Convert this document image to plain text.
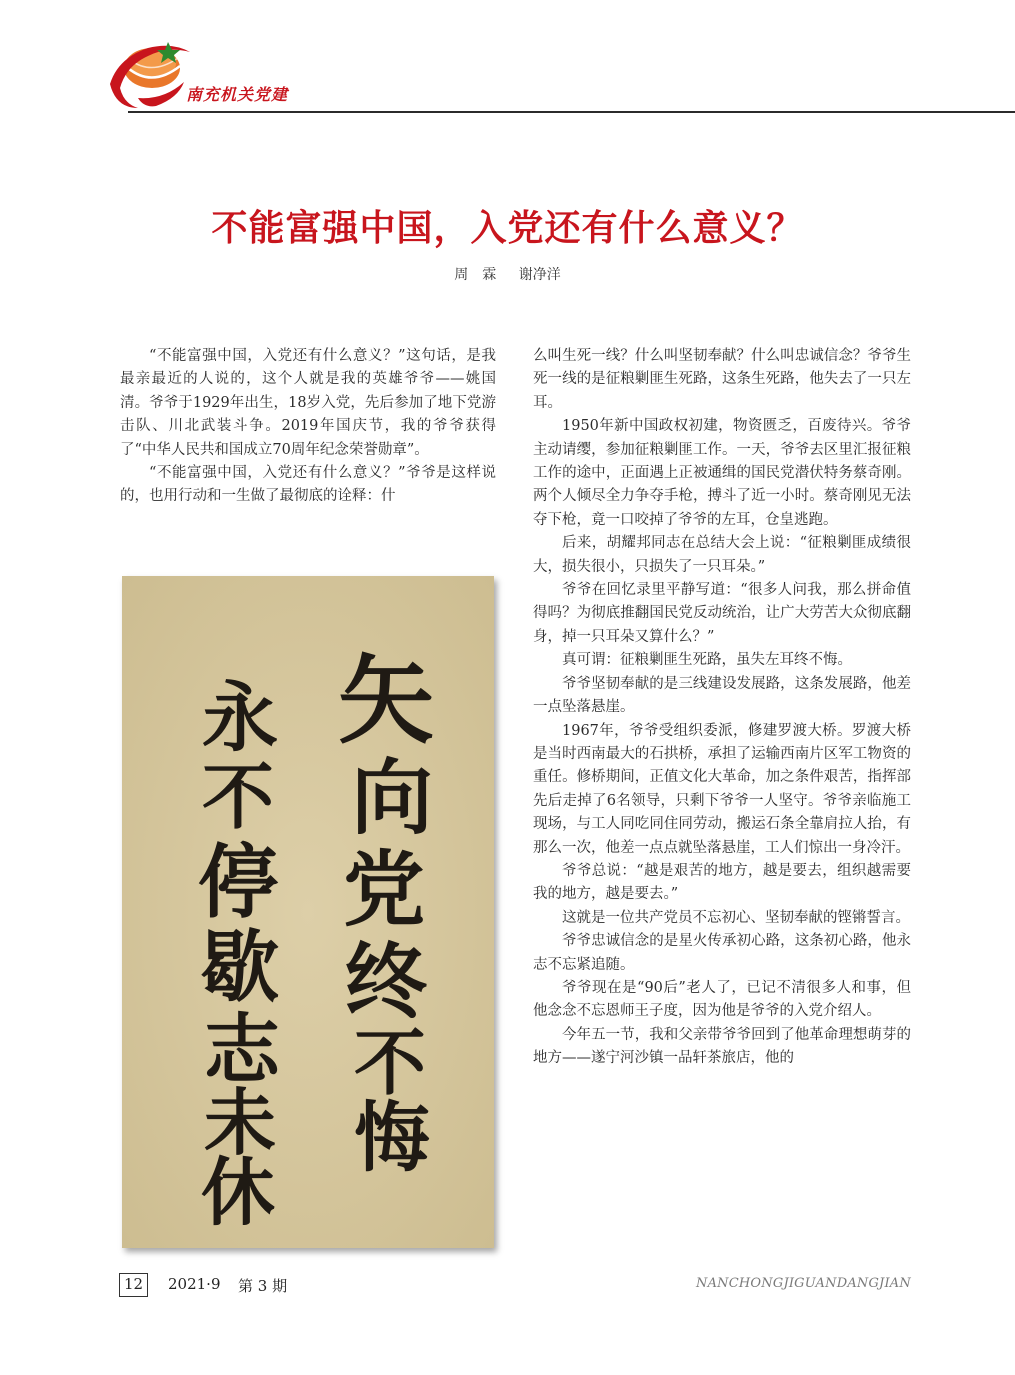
南充机关党建
不能富强中国，入党还有什么意义？
周　霖 谢净洋

“不能富强中国，入党还有什么意义？”这句话，是我最亲最近的人说的，这个人就是我的英雄爷爷——姚国清。爷爷于1929年出生，18岁入党，先后参加了地下党游击队、川北武装斗争。2019年国庆节，我的爷爷获得了“中华人民共和国成立70周年纪念荣誉勋章”。

“不能富强中国，入党还有什么意义？”爷爷是这样说的，也用行动和一生做了最彻底的诠释：什

矢
向
党
终
不
悔
永
不
停
歇
志
未
休

么叫生死一线？什么叫坚韧奉献？什么叫忠诚信念？爷爷生死一线的是征粮剿匪生死路，这条生死路，他失去了一只左耳。

1950年新中国政权初建，物资匮乏，百废待兴。爷爷主动请缨，参加征粮剿匪工作。一天，爷爷去区里汇报征粮工作的途中，正面遇上正被通缉的国民党潜伏特务蔡奇刚。两个人倾尽全力争夺手枪，搏斗了近一小时。蔡奇刚见无法夺下枪，竟一口咬掉了爷爷的左耳，仓皇逃跑。

后来，胡耀邦同志在总结大会上说：“征粮剿匪成绩很大，损失很小，只损失了一只耳朵。”

爷爷在回忆录里平静写道：“很多人问我，那么拼命值得吗？为彻底推翻国民党反动统治，让广大劳苦大众彻底翻身，掉一只耳朵又算什么？”

真可谓：征粮剿匪生死路，虽失左耳终不悔。

爷爷坚韧奉献的是三线建设发展路，这条发展路，他差一点坠落悬崖。

1967年，爷爷受组织委派，修建罗渡大桥。罗渡大桥是当时西南最大的石拱桥，承担了运输西南片区军工物资的重任。修桥期间，正值文化大革命，加之条件艰苦，指挥部先后走掉了6名领导，只剩下爷爷一人坚守。爷爷亲临施工现场，与工人同吃同住同劳动，搬运石条全靠肩拉人抬，有那么一次，他差一点点就坠落悬崖，工人们惊出一身冷汗。

爷爷总说：“越是艰苦的地方，越是要去，组织越需要我的地方，越是要去。”

这就是一位共产党员不忘初心、坚韧奉献的铿锵誓言。

爷爷忠诚信念的是星火传承初心路，这条初心路，他永志不忘紧追随。

爷爷现在是“90后”老人了，已记不清很多人和事，但他念念不忘恩师王子度，因为他是爷爷的入党介绍人。

今年五一节，我和父亲带爷爷回到了他革命理想萌芽的地方——遂宁河沙镇一品轩茶旅店，他的

12	2021·9 第 3 期	NANCHONGJIGUANDANGJIAN
